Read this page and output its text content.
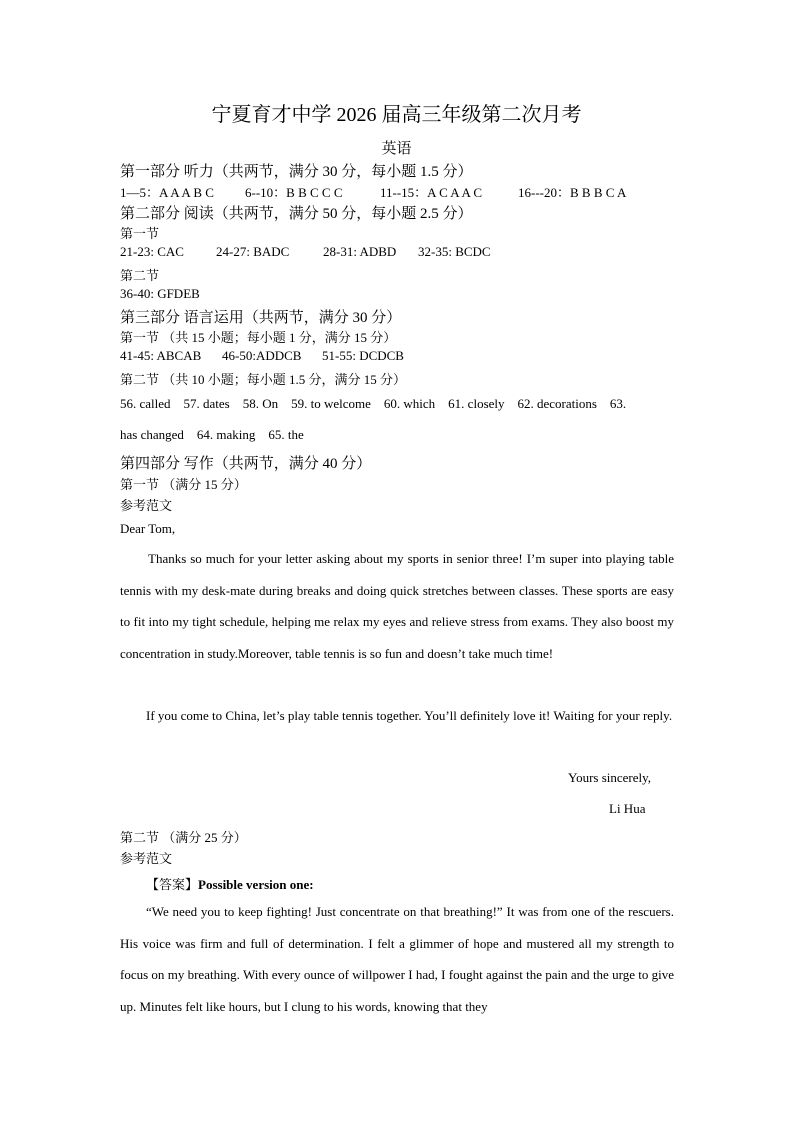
宁夏育才中学 2026 届高三年级第二次月考
英语
第一部分 听力（共两节，满分 30 分，每小题 1.5 分）
1—5：A A A B C 6--10：B B C C C	11--15：A C A A C	16---20：B B B C A
第二部分 阅读（共两节，满分 50 分，每小题 2.5 分）
第一节
21-23: CAC 24-27: BADC	28-31: ADBD 32-35: BCDC
第二节
36-40: GFDEB
第三部分 语言运用（共两节，满分 30 分）
第一节 （共 15 小题；每小题 1 分，满分 15 分）
41-45: ABCAB 46-50:ADDCB 51-55: DCDCB
第二节 （共 10 小题；每小题 1.5 分，满分 15 分）
56. called    57. dates    58. On    59. to welcome    60. which    61. closely    62. decorations    63.
has changed    64. making    65. the
第四部分 写作（共两节，满分 40 分）
第一节 （满分 15 分）
参考范文
Dear Tom,
Thanks so much for your letter asking about my sports in senior three! I’m super into playing table tennis with my desk-mate during breaks and doing quick stretches between classes. These sports are easy to fit into my tight schedule, helping me relax my eyes and relieve stress from exams. They also boost my concentration in study.Moreover, table tennis is so fun and doesn’t take much time!
If you come to China, let’s play table tennis together. You’ll definitely love it! Waiting for your reply.
Yours sincerely,
Li Hua
第二节 （满分 25 分）
参考范文
【答案】Possible version one:
“We need you to keep fighting! Just concentrate on that breathing!” It was from one of the rescuers. His voice was firm and full of determination. I felt a glimmer of hope and mustered all my strength to focus on my breathing. With every ounce of willpower I had, I fought against the pain and the urge to give up. Minutes felt like hours, but I clung to his words, knowing that they
